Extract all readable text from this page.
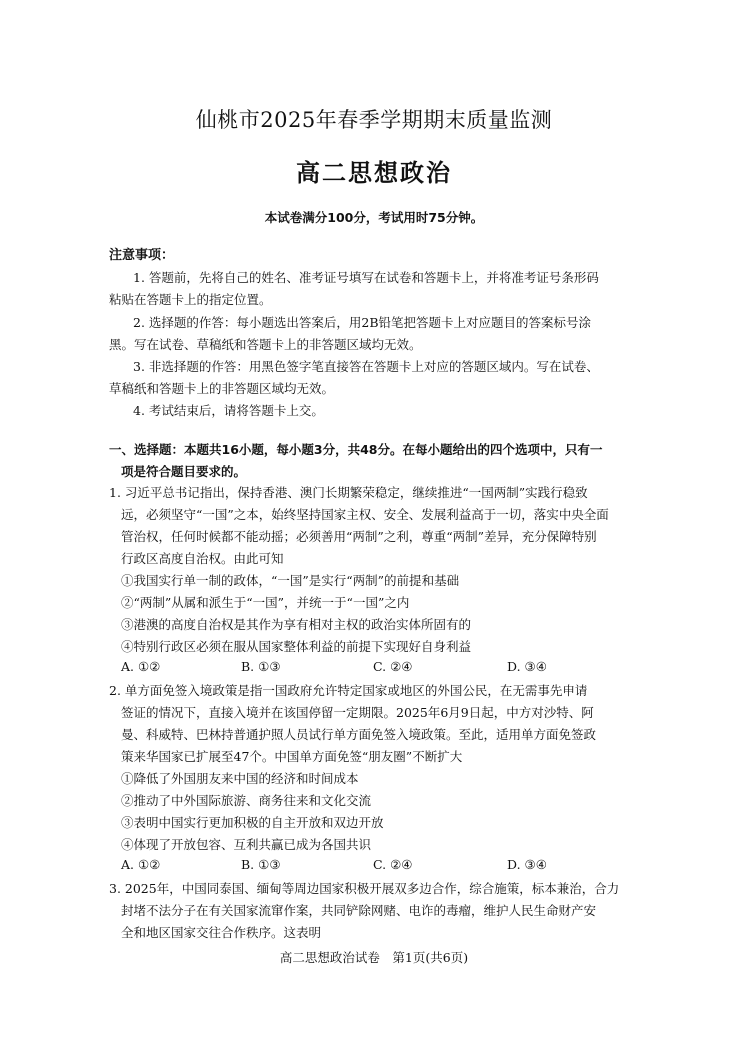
仙桃市2025年春季学期期末质量监测
高二思想政治
本试卷满分100分，考试用时75分钟。
注意事项：
1. 答题前，先将自己的姓名、准考证号填写在试卷和答题卡上，并将准考证号条形码
粘贴在答题卡上的指定位置。
2. 选择题的作答：每小题选出答案后，用2B铅笔把答题卡上对应题目的答案标号涂
黑。写在试卷、草稿纸和答题卡上的非答题区域均无效。
3. 非选择题的作答：用黑色签字笔直接答在答题卡上对应的答题区域内。写在试卷、
草稿纸和答题卡上的非答题区域均无效。
4. 考试结束后，请将答题卡上交。
一、选择题：本题共16小题，每小题3分，共48分。在每小题给出的四个选项中，只有一
项是符合题目要求的。
1. 习近平总书记指出，保持香港、澳门长期繁荣稳定，继续推进“一国两制”实践行稳致
远，必须坚守“一国”之本，始终坚持国家主权、安全、发展利益高于一切，落实中央全面
管治权，任何时候都不能动摇；必须善用“两制”之利，尊重“两制”差异，充分保障特别
行政区高度自治权。由此可知
①我国实行单一制的政体，“一国”是实行“两制”的前提和基础
②“两制”从属和派生于“一国”，并统一于“一国”之内
③港澳的高度自治权是其作为享有相对主权的政治实体所固有的
④特别行政区必须在服从国家整体利益的前提下实现好自身利益
A. ①②	B. ①③	C. ②④	D. ③④
2. 单方面免签入境政策是指一国政府允许特定国家或地区的外国公民，在无需事先申请
签证的情况下，直接入境并在该国停留一定期限。2025年6月9日起，中方对沙特、阿
曼、科威特、巴林持普通护照人员试行单方面免签入境政策。至此，适用单方面免签政
策来华国家已扩展至47个。中国单方面免签“朋友圈”不断扩大
①降低了外国朋友来中国的经济和时间成本
②推动了中外国际旅游、商务往来和文化交流
③表明中国实行更加积极的自主开放和双边开放
④体现了开放包容、互利共赢已成为各国共识
A. ①②	B. ①③	C. ②④	D. ③④
3. 2025年，中国同泰国、缅甸等周边国家积极开展双多边合作，综合施策，标本兼治，合力
封堵不法分子在有关国家流窜作案，共同铲除网赌、电诈的毒瘤，维护人民生命财产安
全和地区国家交往合作秩序。这表明
高二思想政治试卷　第1页(共6页)
